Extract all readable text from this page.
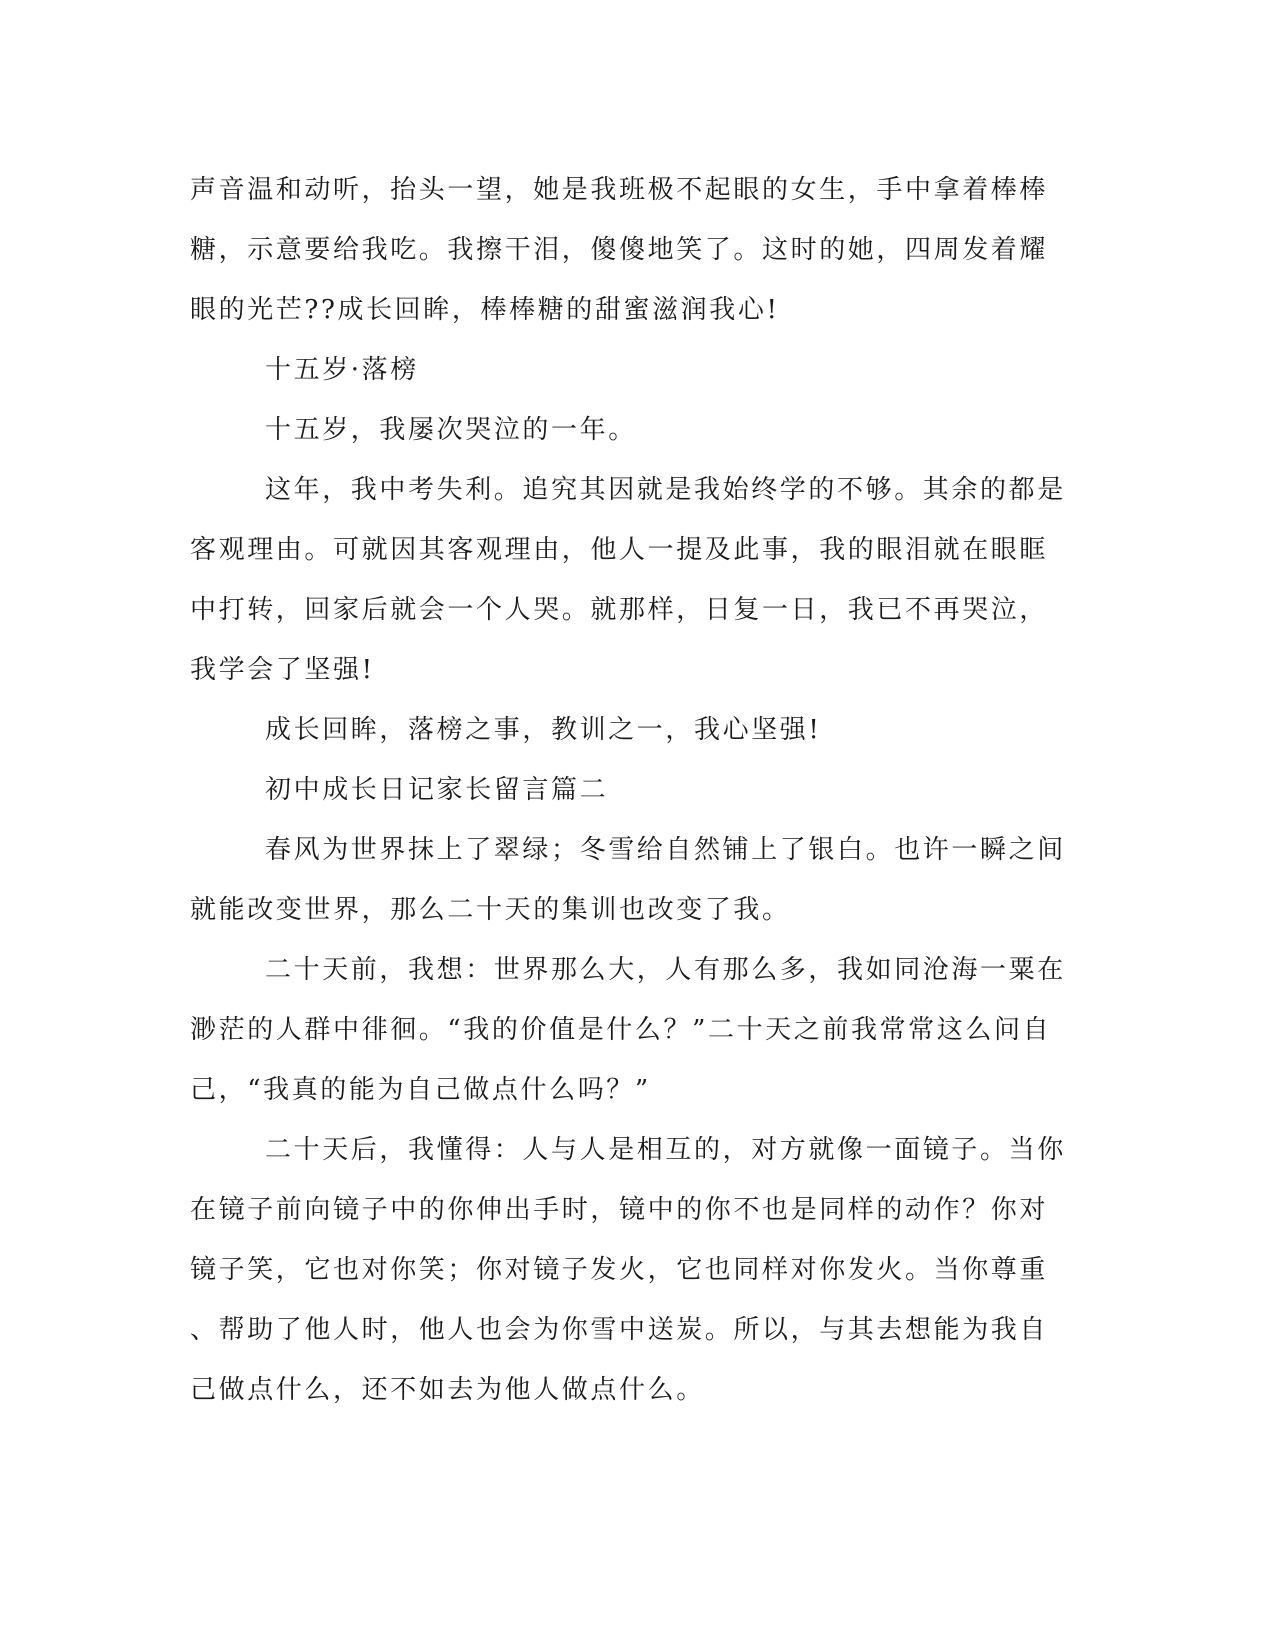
声音温和动听，抬头一望，她是我班极不起眼的女生，手中拿着棒棒
糖，示意要给我吃。我擦干泪，傻傻地笑了。这时的她，四周发着耀
眼的光芒??成长回眸，棒棒糖的甜蜜滋润我心!
十五岁·落榜
十五岁，我屡次哭泣的一年。
这年，我中考失利。追究其因就是我始终学的不够。其余的都是
客观理由。可就因其客观理由，他人一提及此事，我的眼泪就在眼眶
中打转，回家后就会一个人哭。就那样，日复一日，我已不再哭泣，
我学会了坚强!
成长回眸，落榜之事，教训之一，我心坚强!
初中成长日记家长留言篇二
春风为世界抹上了翠绿；冬雪给自然铺上了银白。也许一瞬之间
就能改变世界，那么二十天的集训也改变了我。
二十天前，我想：世界那么大，人有那么多，我如同沧海一粟在
渺茫的人群中徘徊。“我的价值是什么？”二十天之前我常常这么问自
己，“我真的能为自己做点什么吗？”
二十天后，我懂得：人与人是相互的，对方就像一面镜子。当你
在镜子前向镜子中的你伸出手时，镜中的你不也是同样的动作？你对
镜子笑，它也对你笑；你对镜子发火，它也同样对你发火。当你尊重
、帮助了他人时，他人也会为你雪中送炭。所以，与其去想能为我自
己做点什么，还不如去为他人做点什么。
